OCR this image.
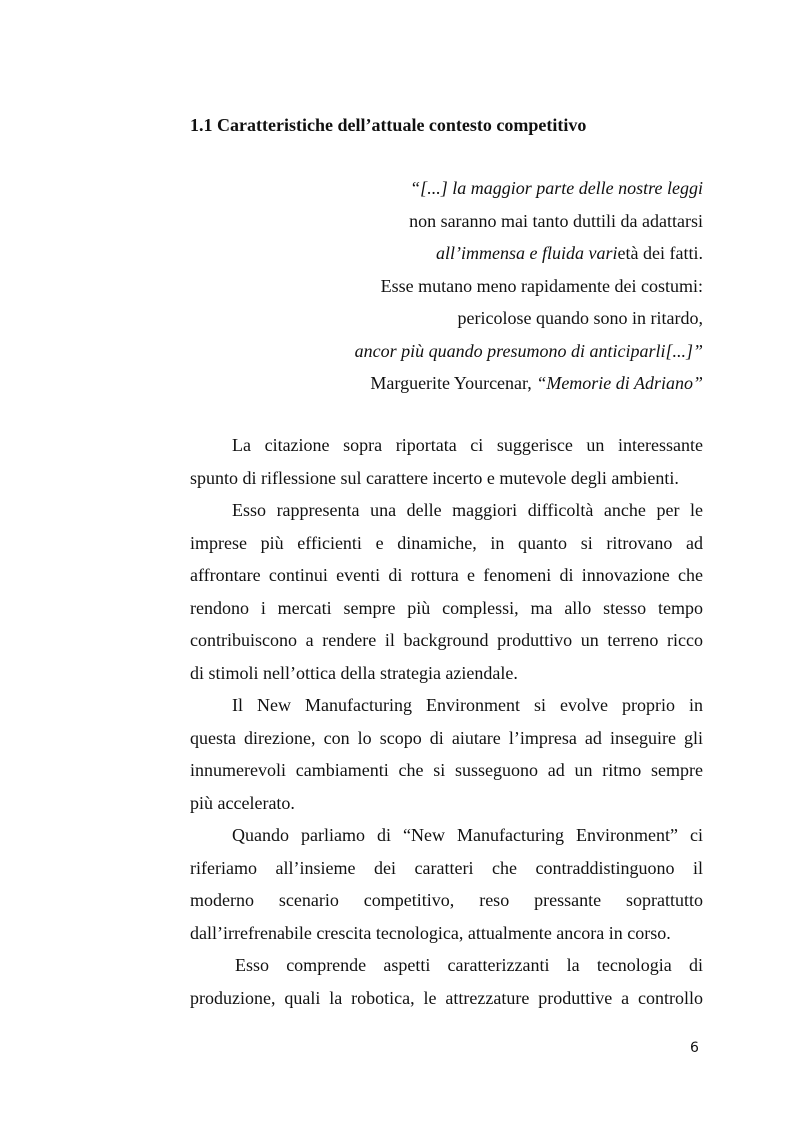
1.1 Caratteristiche dell’attuale contesto competitivo
“[...] la maggior parte delle nostre leggi
non saranno mai tanto duttili da adattarsi
all’immensa e fluida varietà dei fatti.
Esse mutano meno rapidamente dei costumi:
pericolose quando sono in ritardo,
ancor più quando presumono di anticiparli[...]”
Marguerite Yourcenar, “Memorie di Adriano”
La citazione sopra riportata ci suggerisce un interessante
spunto di riflessione sul carattere incerto e mutevole degli ambienti.
Esso rappresenta una delle maggiori difficoltà anche per le
imprese più efficienti e dinamiche, in quanto si ritrovano ad
affrontare continui eventi di rottura e fenomeni di innovazione che
rendono i mercati sempre più complessi, ma allo stesso tempo
contribuiscono a rendere il background produttivo un terreno ricco
di stimoli nell’ottica della strategia aziendale.
Il New Manufacturing Environment si evolve proprio in
questa direzione, con lo scopo di aiutare l’impresa ad inseguire gli
innumerevoli cambiamenti che si susseguono ad un ritmo sempre
più accelerato.
Quando parliamo di “New Manufacturing Environment” ci
riferiamo all’insieme dei caratteri che contraddistinguono il
moderno scenario competitivo, reso pressante soprattutto
dall’irrefrenabile crescita tecnologica, attualmente ancora in corso.
Esso comprende aspetti caratterizzanti la tecnologia di
produzione, quali la robotica, le attrezzature produttive a controllo
6
